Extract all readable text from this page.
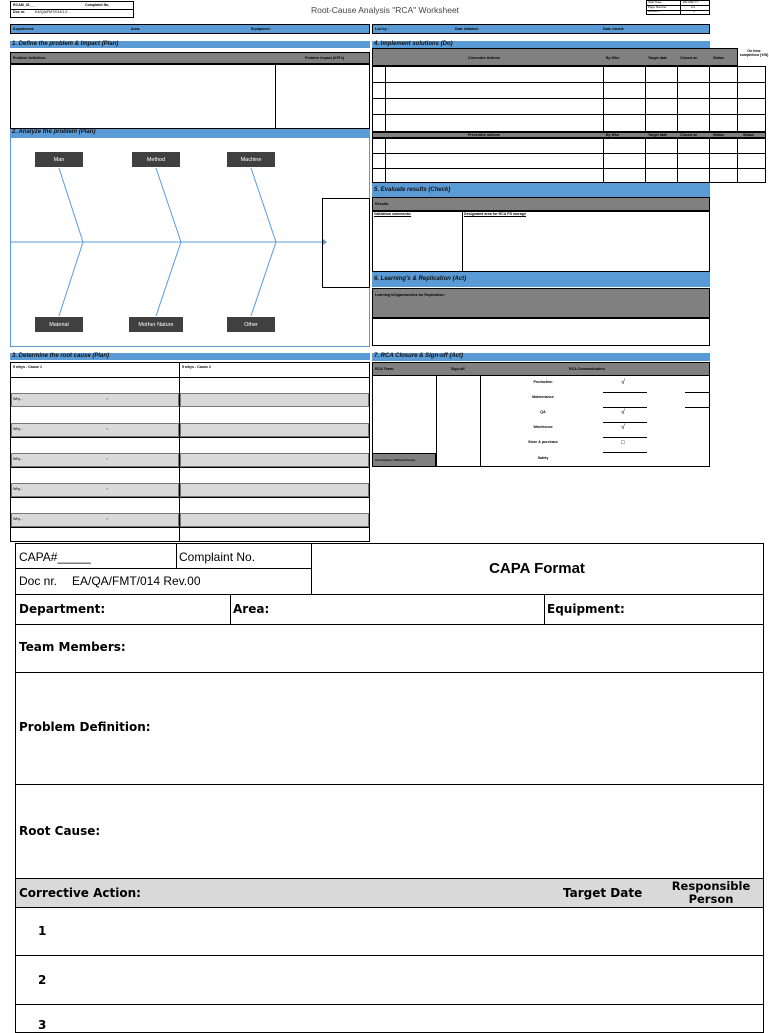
RCAM_01___	Complaint No.
Doc nr.	EA/QA/FMT/014/1.0	Root-Cause Analysis "RCA" Worksheet
Start Date	DD-MM-YY
Page Number	1/1
Revision	0
Department:	Area:	Equipment:	Led by :	Date initiated:	Date closed:
1. Define the problem & Impact (Plan)
Problem Definition:	Problem Impact (KPI's)
2. Analyze the problem (Plan)
Man	Method	Machine
Material	Mother Nature	Other
3. Determine the root cause (Plan)
5 whys - Cause 1	5 whys - Cause 2
Why...	?
Why...	?
Why...	?
Why...	?
Why...	?
4. Implement solutions (Do)
Corrective Actions	By Who	Target date	Closed on	Status
On time completion (Y/N)
Preventive actions	By Who	Target date	Closed on	Status	Status
5. Evaluate results (Check)
Results:
Validation comments:	Designated area for RCA PS storage
6. Learning's & Replication (Act)
Learning's/Opportunities for Replication:
7. RCA Closure & Sign-off (Act)
RCA Team:	Sign-off	RCA Communication
Production	√
Maintenance
QA	√
Warehouse	√
Store & purchase	□
Safety
Area Owner: Richard Kruser
CAPA#_____	Complaint No.
Doc nr. EA/QA/FMT/014 Rev.00
CAPA Format
Department:	Area:	Equipment:
Team Members:
Problem Definition:
Root Cause:
Corrective Action:	Target Date	Responsible Person
1
2
3
